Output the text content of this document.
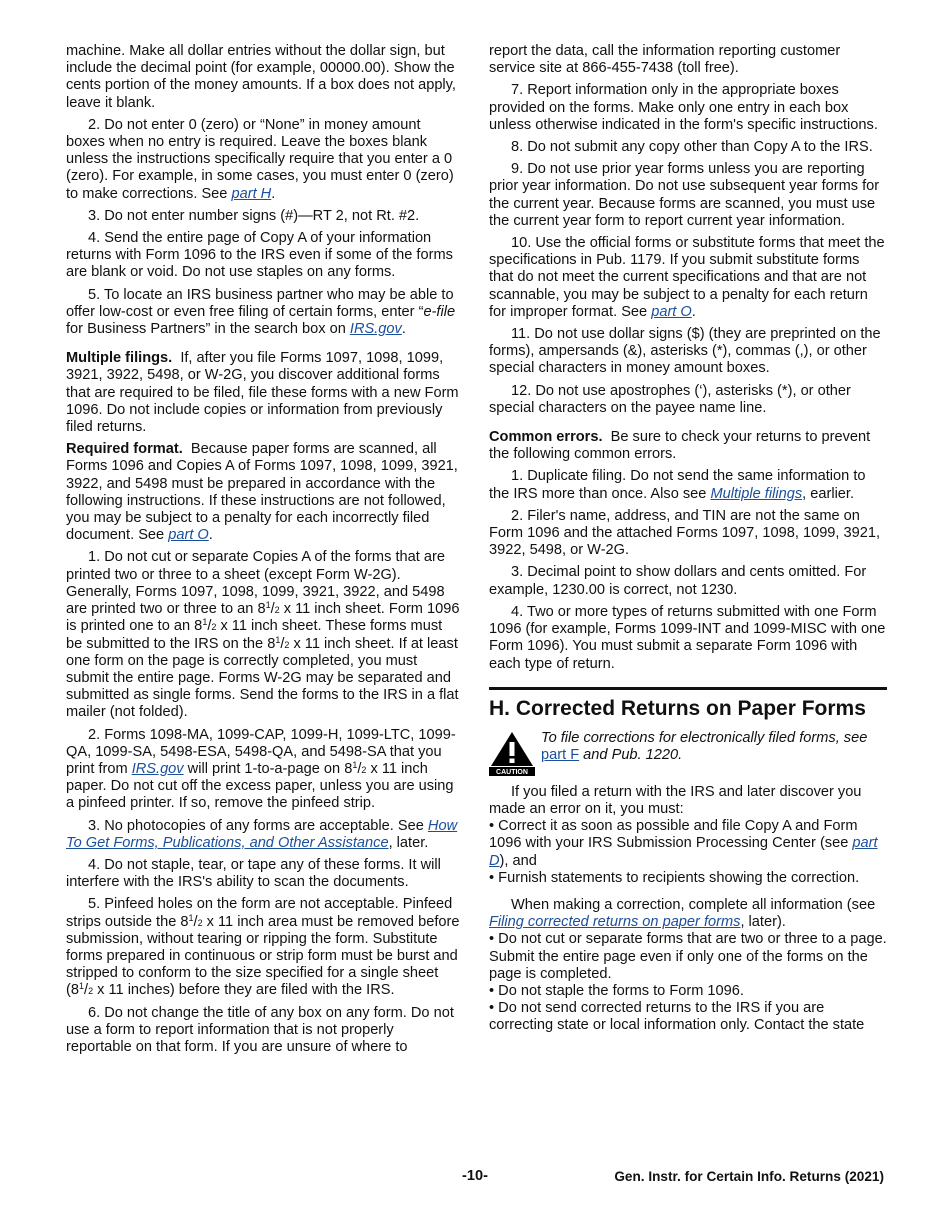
machine. Make all dollar entries without the dollar sign, but include the decimal point (for example, 00000.00). Show the cents portion of the money amounts. If a box does not apply, leave it blank.

2. Do not enter 0 (zero) or “None” in money amount boxes when no entry is required. Leave the boxes blank unless the instructions specifically require that you enter a 0 (zero). For example, in some cases, you must enter 0 (zero) to make corrections. See part H.

3. Do not enter number signs (#)—RT 2, not Rt. #2.

4. Send the entire page of Copy A of your information returns with Form 1096 to the IRS even if some of the forms are blank or void. Do not use staples on any forms.

5. To locate an IRS business partner who may be able to offer low-cost or even free filing of certain forms, enter “e-file for Business Partners” in the search box on IRS.gov.

Multiple filings. If, after you file Forms 1097, 1098, 1099, 3921, 3922, 5498, or W-2G, you discover additional forms that are required to be filed, file these forms with a new Form 1096. Do not include copies or information from previously filed returns.

Required format. Because paper forms are scanned, all Forms 1096 and Copies A of Forms 1097, 1098, 1099, 3921, 3922, and 5498 must be prepared in accordance with the following instructions. If these instructions are not followed, you may be subject to a penalty for each incorrectly filed document. See part O.

1. Do not cut or separate Copies A of the forms that are printed two or three to a sheet (except Form W-2G). Generally, Forms 1097, 1098, 1099, 3921, 3922, and 5498 are printed two or three to an $8^1/2$ x 11 inch sheet. Form 1096 is printed one to an $8^1/2$ x 11 inch sheet. These forms must be submitted to the IRS on the $8^1/2$ x 11 inch sheet. If at least one form on the page is correctly completed, you must submit the entire page. Forms W-2G may be separated and submitted as single forms. Send the forms to the IRS in a flat mailer (not folded).

2. Forms 1098-MA, 1099-CAP, 1099-H, 1099-LTC, 1099-QA, 1099-SA, 5498-ESA, 5498-QA, and 5498-SA that you print from IRS.gov will print 1-to-a-page on $8^1/2$ x 11 inch paper. Do not cut off the excess paper, unless you are using a pinfeed printer. If so, remove the pinfeed strip.

3. No photocopies of any forms are acceptable. See How To Get Forms, Publications, and Other Assistance, later.

4. Do not staple, tear, or tape any of these forms. It will interfere with the IRS's ability to scan the documents.

5. Pinfeed holes on the form are not acceptable. Pinfeed strips outside the $8^1/2$ x 11 inch area must be removed before submission, without tearing or ripping the form. Substitute forms prepared in continuous or strip form must be burst and stripped to conform to the size specified for a single sheet ($8^1/2$ x 11 inches) before they are filed with the IRS.

6. Do not change the title of any box on any form. Do not use a form to report information that is not properly reportable on that form. If you are unsure of where to

report the data, call the information reporting customer service site at 866-455-7438 (toll free).

7. Report information only in the appropriate boxes provided on the forms. Make only one entry in each box unless otherwise indicated in the form's specific instructions.

8. Do not submit any copy other than Copy A to the IRS.

9. Do not use prior year forms unless you are reporting prior year information. Do not use subsequent year forms for the current year. Because forms are scanned, you must use the current year form to report current year information.

10. Use the official forms or substitute forms that meet the specifications in Pub. 1179. If you submit substitute forms that do not meet the current specifications and that are not scannable, you may be subject to a penalty for each return for improper format. See part O.

11. Do not use dollar signs ($) (they are preprinted on the forms), ampersands (&), asterisks (*), commas (,), or other special characters in money amount boxes.

12. Do not use apostrophes (‘), asterisks (*), or other special characters on the payee name line.

Common errors. Be sure to check your returns to prevent the following common errors.

1. Duplicate filing. Do not send the same information to the IRS more than once. Also see Multiple filings, earlier.

2. Filer's name, address, and TIN are not the same on Form 1096 and the attached Forms 1097, 1098, 1099, 3921, 3922, 5498, or W-2G.

3. Decimal point to show dollars and cents omitted. For example, 1230.00 is correct, not 1230.

4. Two or more types of returns submitted with one Form 1096 (for example, Forms 1099-INT and 1099-MISC with one Form 1096). You must submit a separate Form 1096 with each type of return.

H. Corrected Returns on Paper Forms
CAUTION
To file corrections for electronically filed forms, see part F and Pub. 1220.

If you filed a return with the IRS and later discover you made an error on it, you must:

• Correct it as soon as possible and file Copy A and Form 1096 with your IRS Submission Processing Center (see part D), and

• Furnish statements to recipients showing the correction.

When making a correction, complete all information (see Filing corrected returns on paper forms, later).

• Do not cut or separate forms that are two or three to a page. Submit the entire page even if only one of the forms on the page is completed.

• Do not staple the forms to Form 1096.

• Do not send corrected returns to the IRS if you are correcting state or local information only. Contact the state

-10-	Gen. Instr. for Certain Info. Returns (2021)
